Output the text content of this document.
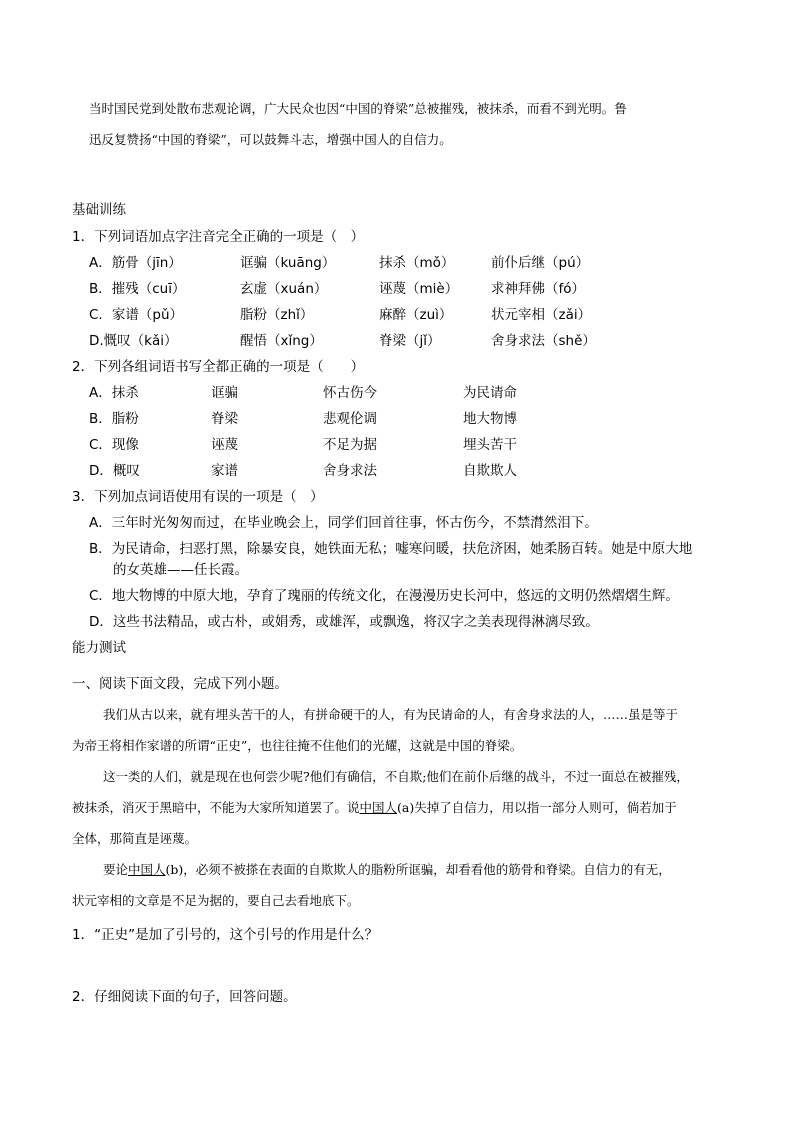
当时国民党到处散布悲观论调，广大民众也因“中国的脊梁”总被摧残，被抹杀，而看不到光明。鲁
迅反复赞扬“中国的脊梁”，可以鼓舞斗志，增强中国人的自信力。
基础训练
1．下列词语加点字注音完全正确的一项是（　）
A．筋骨（jīn）	诓骗（kuāng）	抹杀（mǒ）	前仆后继（pú）
B．摧残（cuī）	玄虚（xuán）	诬蔑（miè） 求神拜佛（fó）
C．家谱（pǔ）	脂粉（zhǐ）	麻醉（zuì）	状元宰相（zǎi）
D.慨叹（kǎi）	醒悟（xǐng）	脊梁（jǐ）	舍身求法（shě）
2．下列各组词语书写全都正确的一项是（　　）
A．抹杀	诓骗	怀古伤今	为民请命
B．脂粉	脊梁	悲观伦调	地大物博
C．现像	诬蔑	不足为据	埋头苦干
D．概叹	家谱	舍身求法	自欺欺人
3．下列加点词语使用有误的一项是（　）
A．三年时光匆匆而过，在毕业晚会上，同学们回首往事，怀古伤今，不禁潸然泪下。
B．为民请命，扫恶打黑，除暴安良，她铁面无私；嘘寒问暖，扶危济困，她柔肠百转。她是中原大地
的女英雄——任长霞。
C．地大物博的中原大地，孕育了瑰丽的传统文化，在漫漫历史长河中，悠远的文明仍然熠熠生辉。
D．这些书法精品，或古朴，或娟秀，或雄浑，或飘逸，将汉字之美表现得淋漓尽致。
能力测试
一、阅读下面文段，完成下列小题。
我们从古以来，就有埋头苦干的人，有拼命硬干的人，有为民请命的人，有舍身求法的人，……虽是等于
为帝王将相作家谱的所谓“正史”，也往往掩不住他们的光耀，这就是中国的脊梁。
这一类的人们，就是现在也何尝少呢?他们有确信，不自欺;他们在前仆后继的战斗，不过一面总在被摧残，
被抹杀，消灭于黑暗中，不能为大家所知道罢了。说中国人(a)失掉了自信力，用以指一部分人则可，倘若加于
全体，那简直是诬蔑。
要论中国人(b)，必须不被搽在表面的自欺欺人的脂粉所诓骗，却看看他的筋骨和脊梁。自信力的有无，
状元宰相的文章是不足为据的，要自己去看地底下。
1．“正史”是加了引号的，这个引号的作用是什么？
2．仔细阅读下面的句子，回答问题。
